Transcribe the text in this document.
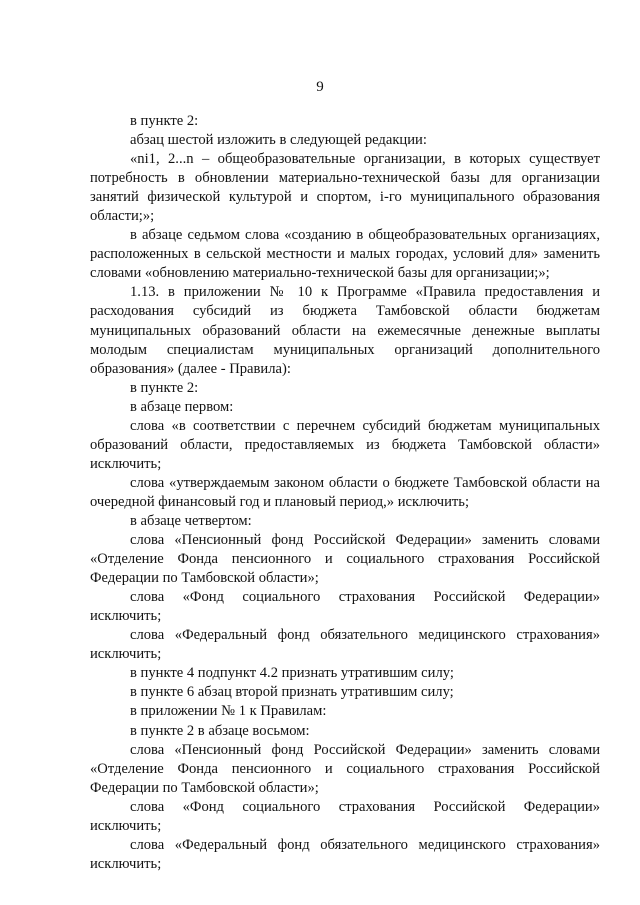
9

в пункте 2:

абзац шестой изложить в следующей редакции:

«ni1, 2...n – общеобразовательные организации, в которых существует потребность в обновлении материально-технической базы для организации занятий физической культурой и спортом, i-го муниципального образования области;»;

в абзаце седьмом слова «созданию в общеобразовательных организациях, расположенных в сельской местности и малых городах, условий для» заменить словами «обновлению материально-технической базы для организации;»;

1.13. в приложении № 10 к Программе «Правила предоставления и расходования субсидий из бюджета Тамбовской области бюджетам муниципальных образований области на ежемесячные денежные выплаты молодым специалистам муниципальных организаций дополнительного образования» (далее - Правила):

в пункте 2:

в абзаце первом:

слова «в соответствии с перечнем субсидий бюджетам муниципальных образований области, предоставляемых из бюджета Тамбовской области» исключить;

слова «утверждаемым законом области о бюджете Тамбовской области на очередной финансовый год и плановый период,» исключить;

в абзаце четвертом:

слова «Пенсионный фонд Российской Федерации» заменить словами «Отделение Фонда пенсионного и социального страхования Российской Федерации по Тамбовской области»;

слова «Фонд социального страхования Российской Федерации» исключить;

слова «Федеральный фонд обязательного медицинского страхования» исключить;

в пункте 4 подпункт 4.2 признать утратившим силу;

в пункте 6 абзац второй признать утратившим силу;

в приложении № 1 к Правилам:

в пункте 2 в абзаце восьмом:

слова «Пенсионный фонд Российской Федерации» заменить словами «Отделение Фонда пенсионного и социального страхования Российской Федерации по Тамбовской области»;

слова «Фонд социального страхования Российской Федерации» исключить;

слова «Федеральный фонд обязательного медицинского страхования» исключить;
